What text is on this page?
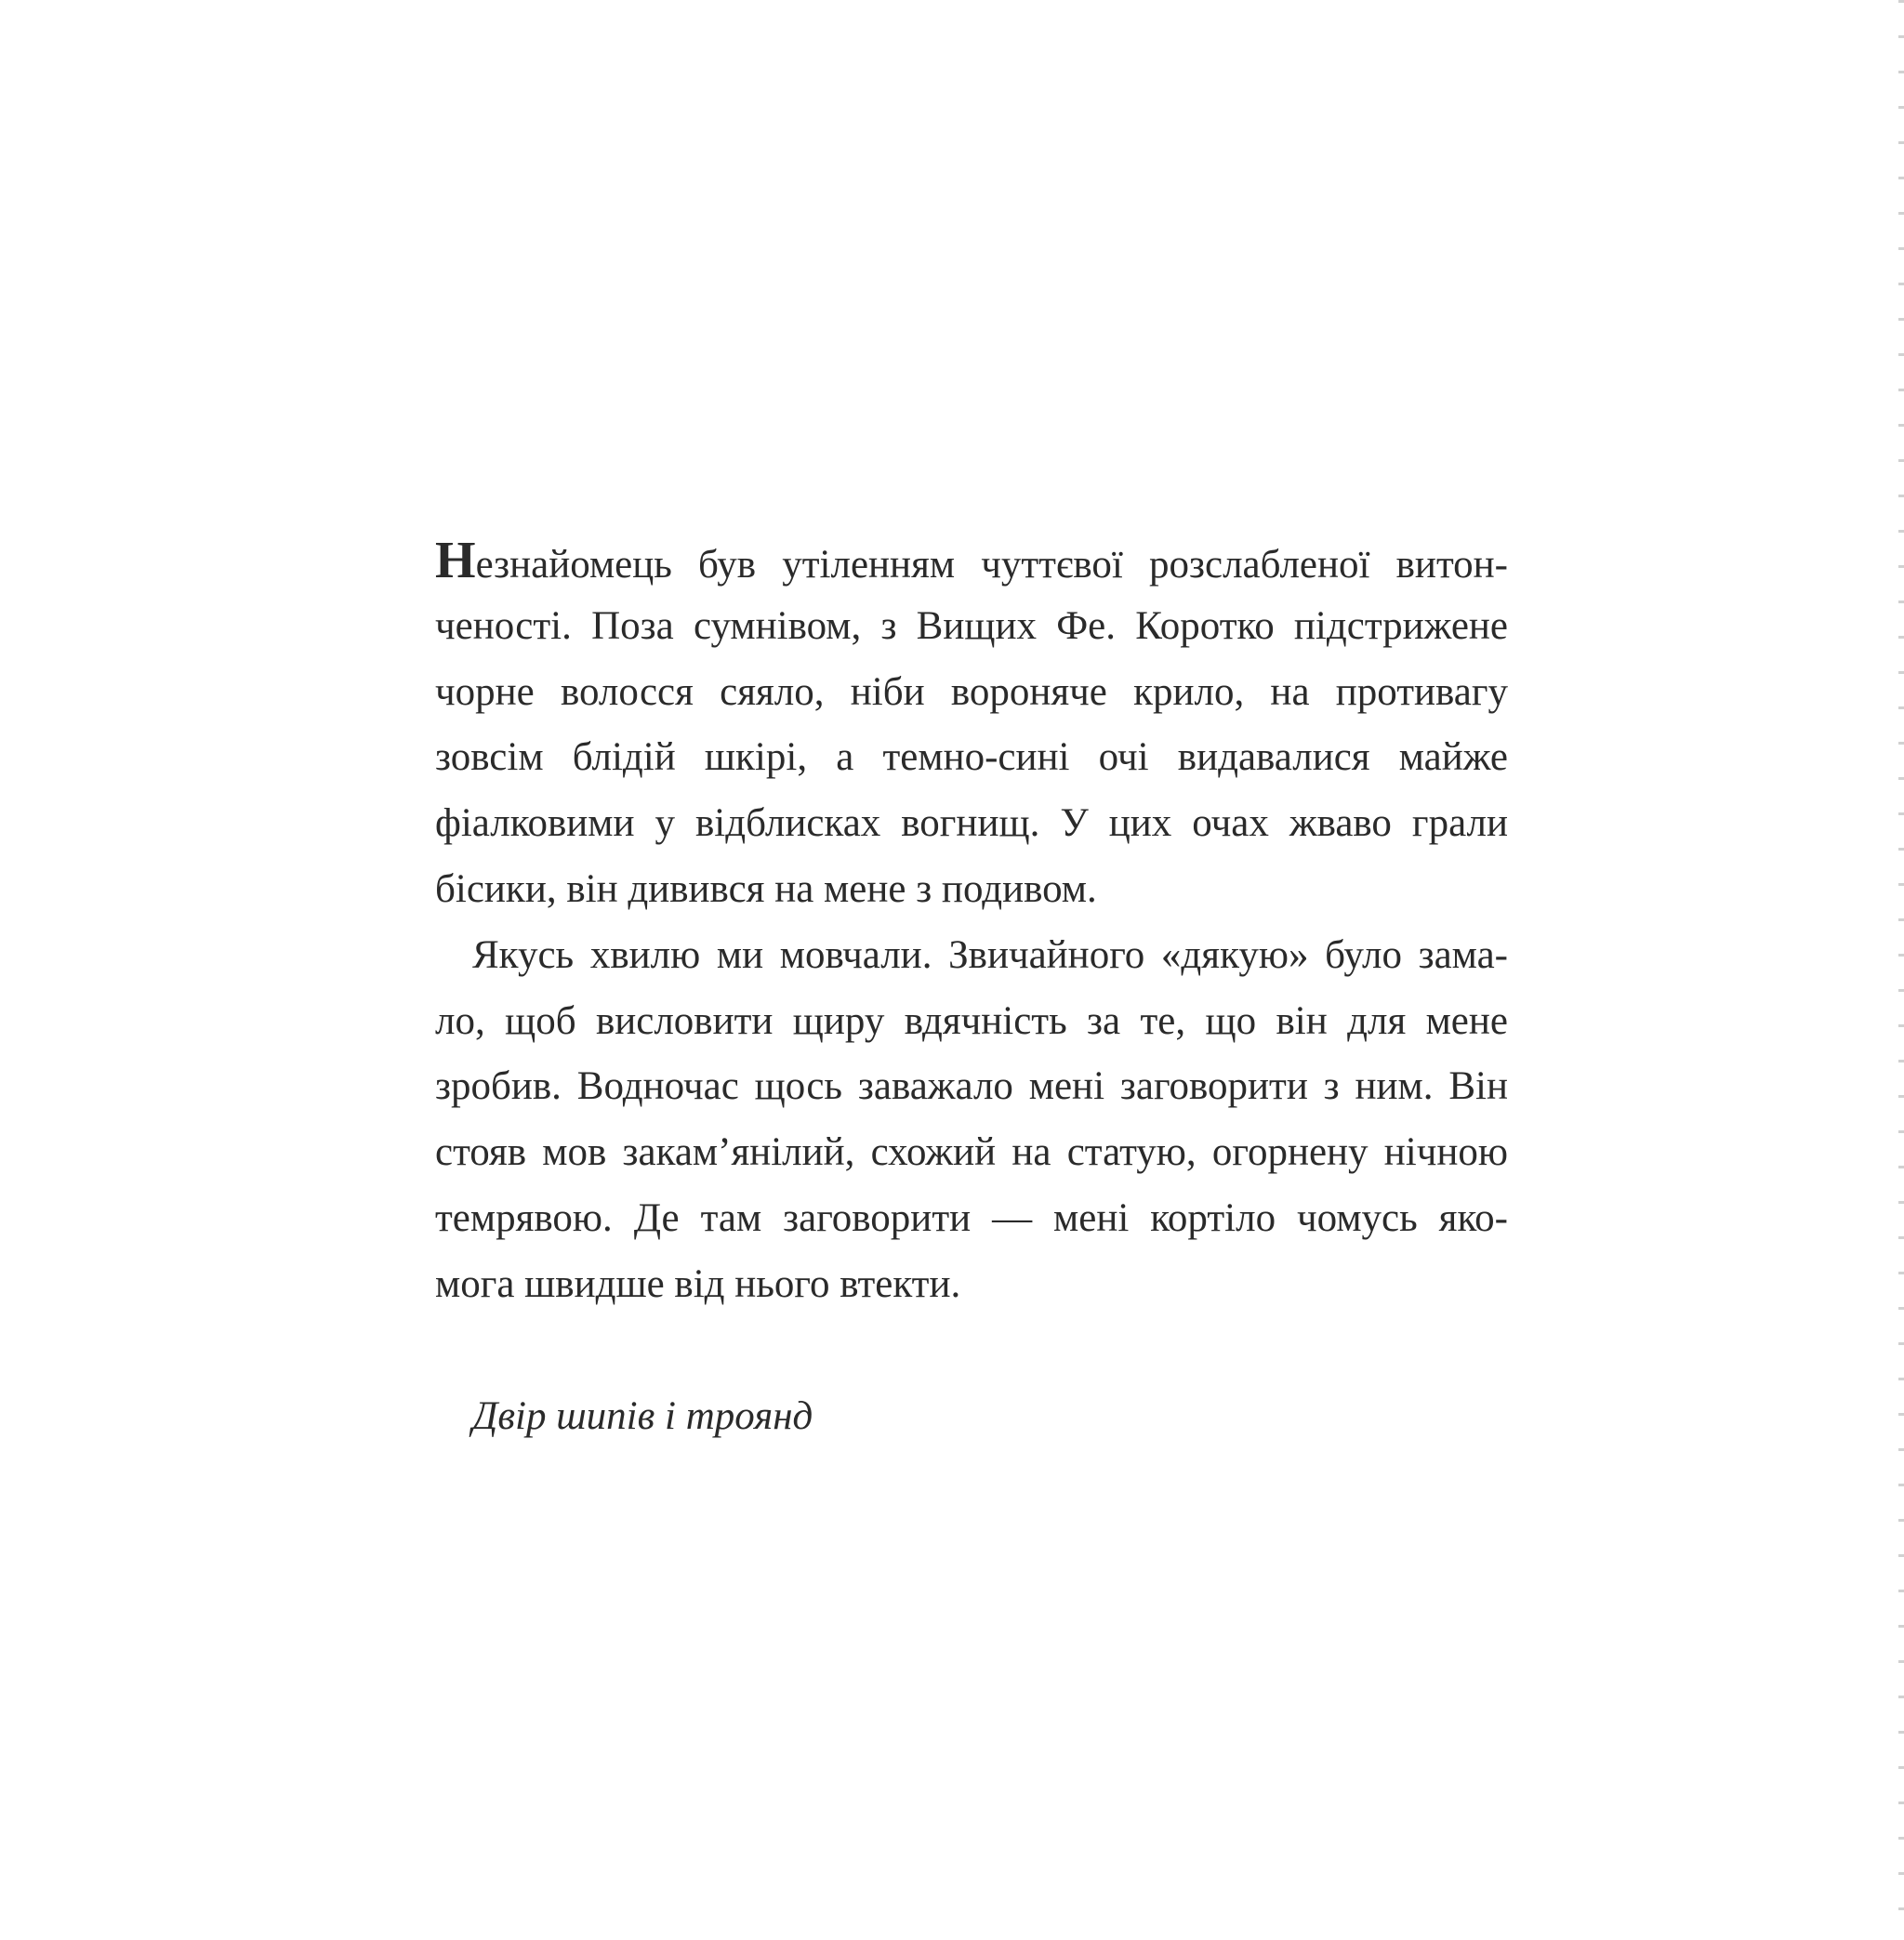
Незнайомець був утіленням чуттєвої розслабленої витон-
ченості. Поза сумнівом, з Вищих Фе. Коротко підстрижене
чорне волосся сяяло, ніби вороняче крило, на противагу
зовсім блідій шкірі, а темно-сині очі видавалися майже
фіалковими у відблисках вогнищ. У цих очах жваво грали
бісики, він дивився на мене з подивом.
Якусь хвилю ми мовчали. Звичайного «дякую» було зама-
ло, щоб висловити щиру вдячність за те, що він для мене
зробив. Водночас щось заважало мені заговорити з ним. Він
стояв мов закам’янілий, схожий на статую, огорнену нічною
темрявою. Де там заговорити — мені кортіло чомусь яко-
мога швидше від нього втекти.
Двір шипів і троянд
